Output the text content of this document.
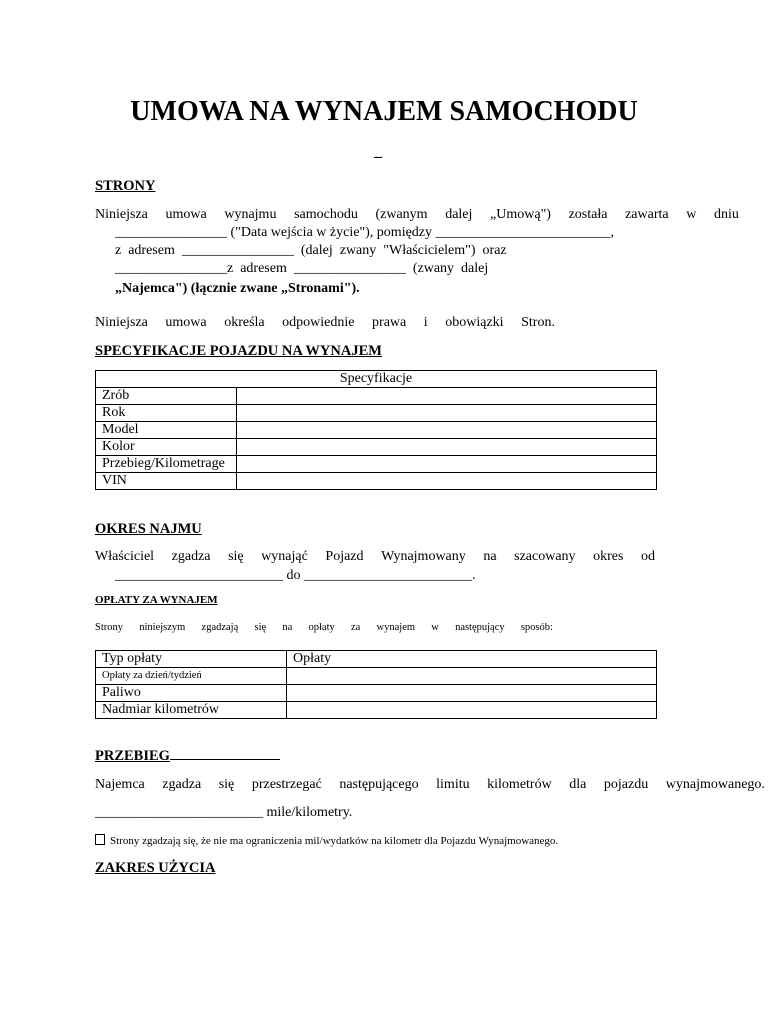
UMOWA NA WYNAJEM SAMOCHODU
–
STRONY
Niniejsza umowa wynajmu samochodu (zwanym dalej „Umową") została zawarta w dniu
________________ ("Data wejścia w życie"), pomiędzy _________________________,
z  adresem  ________________  (dalej  zwany  "Właścicielem")  oraz
________________z  adresem  ________________  (zwany  dalej
„Najemca") (łącznie zwane „Stronami").
Niniejsza umowa określa odpowiednie prawa i obowiązki Stron.
SPECYFIKACJE POJAZDU NA WYNAJEM
Specyfikacje	
Zrób	
Rok	
Model	
Kolor	
Przebieg/Kilometrage	
VIN	
OKRES NAJMU
Właściciel zgadza się wynająć Pojazd Wynajmowany na szacowany okres od
________________________ do ________________________.
OPŁATY ZA WYNAJEM
Strony niniejszym zgadzają się na opłaty za wynajem w następujący sposób:
Typ opłaty	Opłaty
Opłaty za dzień/tydzień	
Paliwo	
Nadmiar kilometrów	
PRZEBIEG
Najemca zgadza się przestrzegać następującego limitu kilometrów dla pojazdu wynajmowanego.
________________________ mile/kilometry.
Strony zgadzają się, że nie ma ograniczenia mil/wydatków na kilometr dla Pojazdu Wynajmowanego.
ZAKRES UŻYCIA
